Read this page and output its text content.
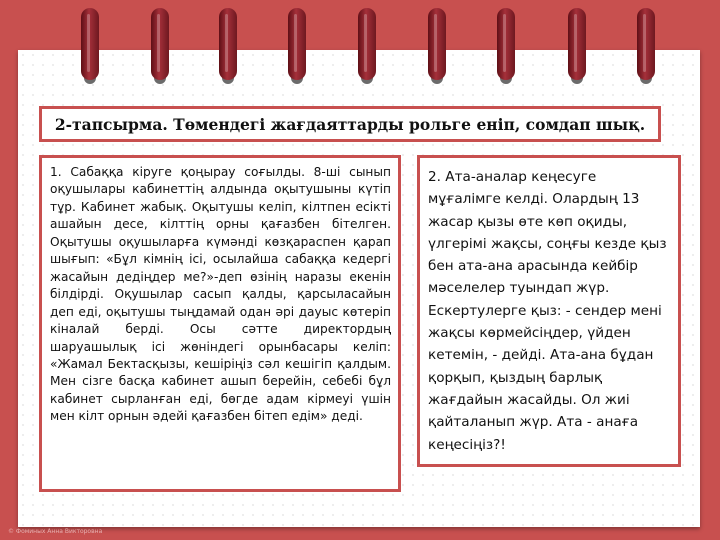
2-тапсырма. Төмендегі жағдаяттарды рольге еніп, сомдап шық.
1. Сабаққа кіруге қоңырау соғылды. 8-ші сынып оқушылары кабинеттің алдында оқытушыны күтіп тұр. Кабинет жабық. Оқытушы келіп, кілтпен есікті ашайын десе, кілттің орны қағазбен бітелген. Оқытушы оқушыларға күмәнді көзқараспен қарап шығып: «Бұл кімнің ісі, осылайша сабаққа кедергі жасайын дедіңдер ме?»-деп өзінің наразы екенін білдірді. Оқушылар сасып қалды, қарсыласайын деп еді, оқытушы тыңдамай одан әрі дауыс көтеріп кіналай берді. Осы сәтте директордың шаруашылық ісі жөніндегі орынбасары келіп: «Жамал Бектасқызы, кешіріңіз сәл кешігіп қалдым. Мен сізге басқа кабинет ашып берейін, себебі бұл кабинет сырланған еді, бөгде адам кірмеуі үшін мен кілт орнын әдейі қағазбен бітеп едім» деді.
2. Ата-аналар кеңесуге мұғалімге келді. Олардың 13 жасар қызы өте көп оқиды, үлгерімі жақсы, соңғы кезде қыз бен ата-ана арасында кейбір мәселелер туындап жүр. Ескертулерге қыз: - сендер мені жақсы көрмейсіңдер, үйден кетемін, - дейді. Ата-ана бұдан қорқып, қыздың барлық жағдайын жасайды. Ол жиі қайталанып жүр. Ата - анаға кеңесіңіз?!
© Фоминых Анна Викторовна
